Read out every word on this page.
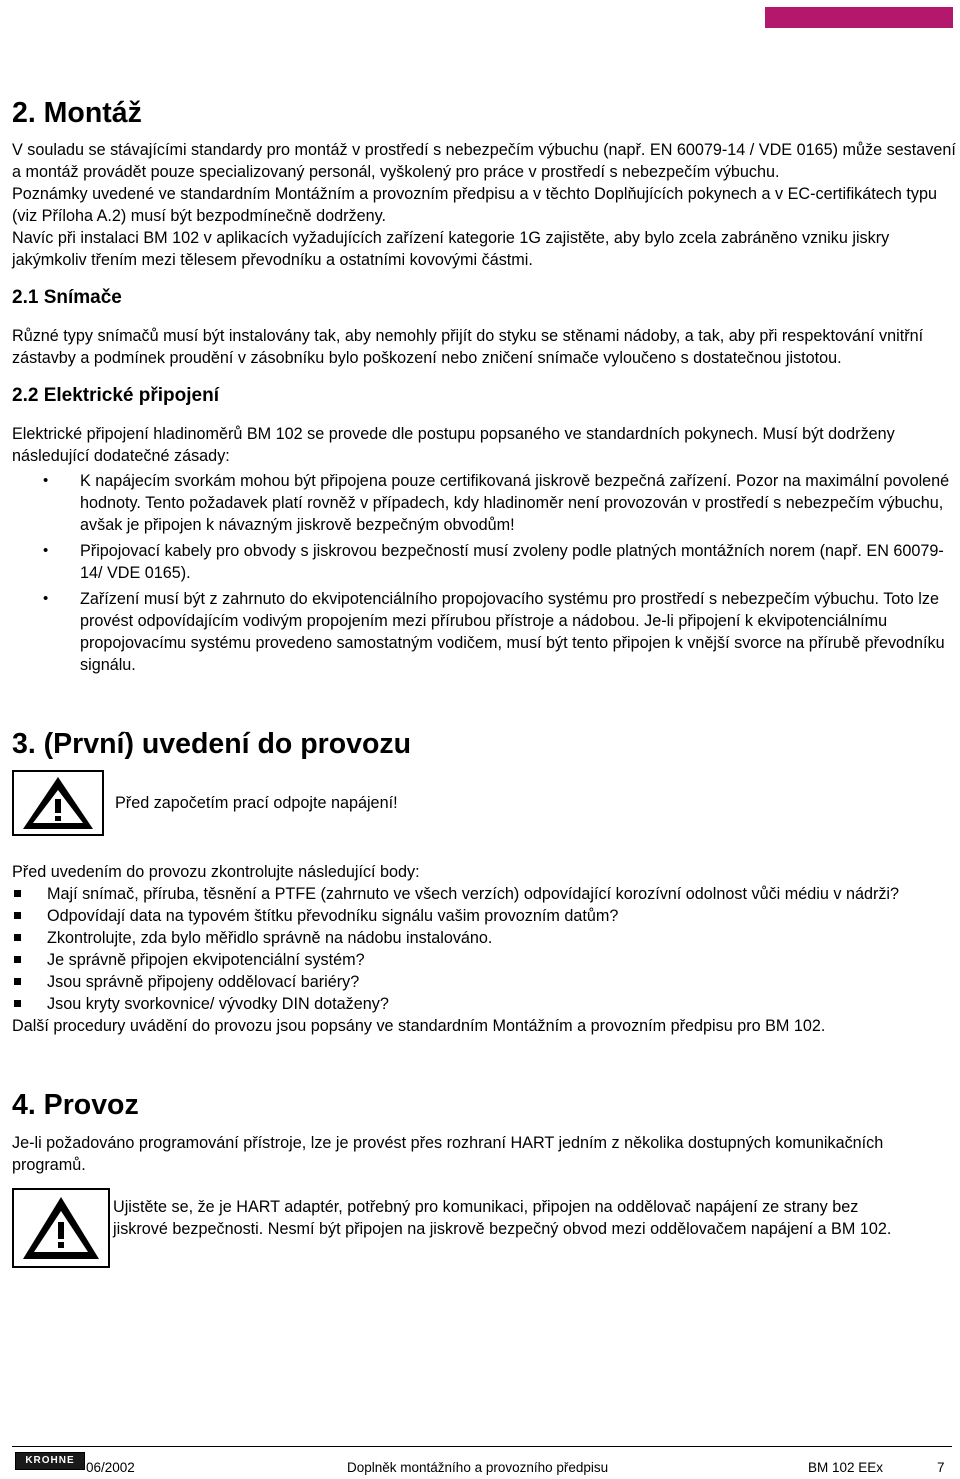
2. Montáž

V souladu se stávajícími standardy pro montáž v prostředí s nebezpečím výbuchu (např. EN 60079-14 / VDE 0165) může sestavení a montáž provádět pouze specializovaný personál, vyškolený pro práce v prostředí s nebezpečím výbuchu.

Poznámky uvedené ve standardním Montážním a provozním předpisu a v těchto Doplňujících pokynech a v EC-certifikátech typu (viz Příloha A.2) musí být bezpodmínečně dodrženy.

Navíc při instalaci BM 102 v aplikacích vyžadujících zařízení kategorie 1G zajistěte, aby bylo zcela zabráněno vzniku jiskry jakýmkoliv třením mezi tělesem převodníku a ostatními kovovými částmi.

2.1 Snímače

Různé typy snímačů musí být instalovány tak, aby nemohly přijít do styku se stěnami nádoby, a tak, aby při respektování vnitřní zástavby a podmínek proudění v zásobníku bylo poškození nebo zničení snímače vyloučeno s dostatečnou jistotou.

2.2 Elektrické připojení

Elektrické připojení hladinoměrů BM 102 se provede dle postupu popsaného ve standardních pokynech. Musí být dodrženy následující dodatečné zásady:

• K napájecím svorkám mohou být připojena pouze certifikovaná jiskrově bezpečná zařízení. Pozor na maximální povolené hodnoty. Tento požadavek platí rovněž v případech, kdy hladinoměr není provozován v prostředí s nebezpečím výbuchu, avšak je připojen k návazným jiskrově bezpečným obvodům!
• Připojovací kabely pro obvody s jiskrovou bezpečností musí zvoleny podle platných montážních norem (např. EN 60079-14/ VDE 0165).
• Zařízení musí být z zahrnuto do ekvipotenciálního propojovacího systému pro prostředí s nebezpečím výbuchu. Toto lze provést odpovídajícím vodivým propojením mezi přírubou přístroje a nádobou. Je-li připojení k ekvipotenciálnímu propojovacímu systému provedeno samostatným vodičem, musí být tento připojen k vnější svorce na přírubě převodníku signálu.
3. (První) uvedení do provozu
Před započetím prací odpojte napájení!

Před uvedením do provozu zkontrolujte následující body:

Mají snímač, příruba, těsnění a PTFE (zahrnuto ve všech verzích) odpovídající korozívní odolnost vůči médiu v nádrži?
Odpovídají data na typovém štítku převodníku signálu vašim provozním datům?
Zkontrolujte, zda bylo měřidlo správně na nádobu instalováno.
Je správně připojen ekvipotenciální systém?
Jsou správně připojeny oddělovací bariéry?
Jsou kryty svorkovnice/ vývodky DIN dotaženy?

Další procedury uvádění do provozu jsou popsány ve standardním Montážním a provozním předpisu pro BM 102.

4. Provoz

Je-li požadováno programování přístroje, lze je provést přes rozhraní HART jedním z několika dostupných komunikačních programů.

Ujistěte se, že je HART adaptér, potřebný pro komunikaci, připojen na oddělovač napájení ze strany bez jiskrové bezpečnosti. Nesmí být připojen na jiskrově bezpečný obvod mezi oddělovačem napájení a BM 102.
KROHNE 06/2002	Doplněk montážního a provozního předpisu	BM 102 EEx	7
